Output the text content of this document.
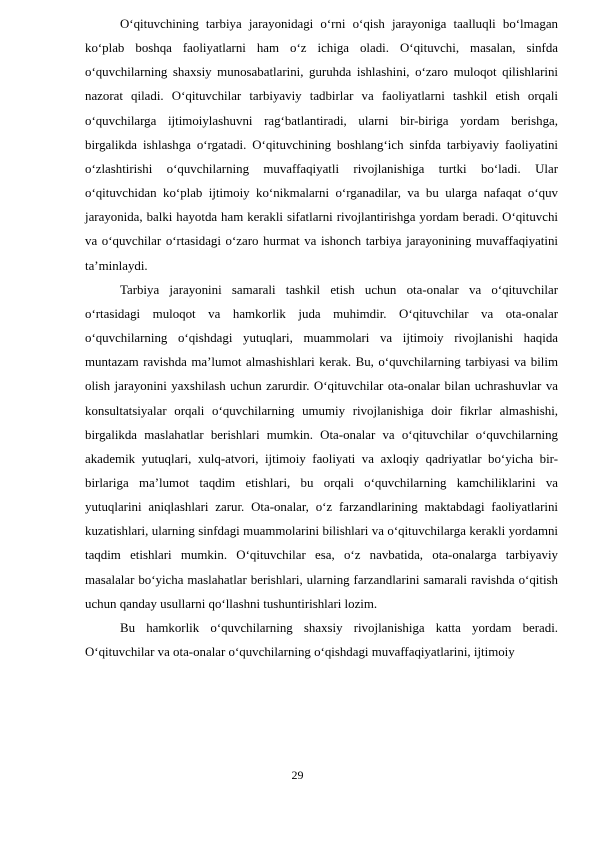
O‘qituvchining tarbiya jarayonidagi o‘rni o‘qish jarayoniga taalluqli bo‘lmagan ko‘plab boshqa faoliyatlarni ham o‘z ichiga oladi. O‘qituvchi, masalan, sinfda o‘quvchilarning shaxsiy munosabatlarini, guruhda ishlashini, o‘zaro muloqot qilishlarini nazorat qiladi. O‘qituvchilar tarbiyaviy tadbirlar va faoliyatlarni tashkil etish orqali o‘quvchilarga ijtimoiylashuvni rag‘batlantiradi, ularni bir-biriga yordam berishga, birgalikda ishlashga o‘rgatadi. O‘qituvchining boshlang‘ich sinfda tarbiyaviy faoliyatini o‘zlashtirishi o‘quvchilarning muvaffaqiyatli rivojlanishiga turtki bo‘ladi. Ular o‘qituvchidan ko‘plab ijtimoiy ko‘nikmalarni o‘rganadilar, va bu ularga nafaqat o‘quv jarayonida, balki hayotda ham kerakli sifatlarni rivojlantirishga yordam beradi. O‘qituvchi va o‘quvchilar o‘rtasidagi o‘zaro hurmat va ishonch tarbiya jarayonining muvaffaqiyatini ta’minlaydi.

Tarbiya jarayonini samarali tashkil etish uchun ota-onalar va o‘qituvchilar o‘rtasidagi muloqot va hamkorlik juda muhimdir. O‘qituvchilar va ota-onalar o‘quvchilarning o‘qishdagi yutuqlari, muammolari va ijtimoiy rivojlanishi haqida muntazam ravishda ma’lumot almashishlari kerak. Bu, o‘quvchilarning tarbiyasi va bilim olish jarayonini yaxshilash uchun zarurdir. O‘qituvchilar ota-onalar bilan uchrashuvlar va konsultatsiyalar orqali o‘quvchilarning umumiy rivojlanishiga doir fikrlar almashishi, birgalikda maslahatlar berishlari mumkin. Ota-onalar va o‘qituvchilar o‘quvchilarning akademik yutuqlari, xulq-atvori, ijtimoiy faoliyati va axloqiy qadriyatlar bo‘yicha bir-birlariga ma’lumot taqdim etishlari, bu orqali o‘quvchilarning kamchiliklarini va yutuqlarini aniqlashlari zarur. Ota-onalar, o‘z farzandlarining maktabdagi faoliyatlarini kuzatishlari, ularning sinfdagi muammolarini bilishlari va o‘qituvchilarga kerakli yordamni taqdim etishlari mumkin. O‘qituvchilar esa, o‘z navbatida, ota-onalarga tarbiyaviy masalalar bo‘yicha maslahatlar berishlari, ularning farzandlarini samarali ravishda o‘qitish uchun qanday usullarni qo‘llashni tushuntirishlari lozim.

Bu hamkorlik o‘quvchilarning shaxsiy rivojlanishiga katta yordam beradi. O‘qituvchilar va ota-onalar o‘quvchilarning o‘qishdagi muvaffaqiyatlarini, ijtimoiy

29
